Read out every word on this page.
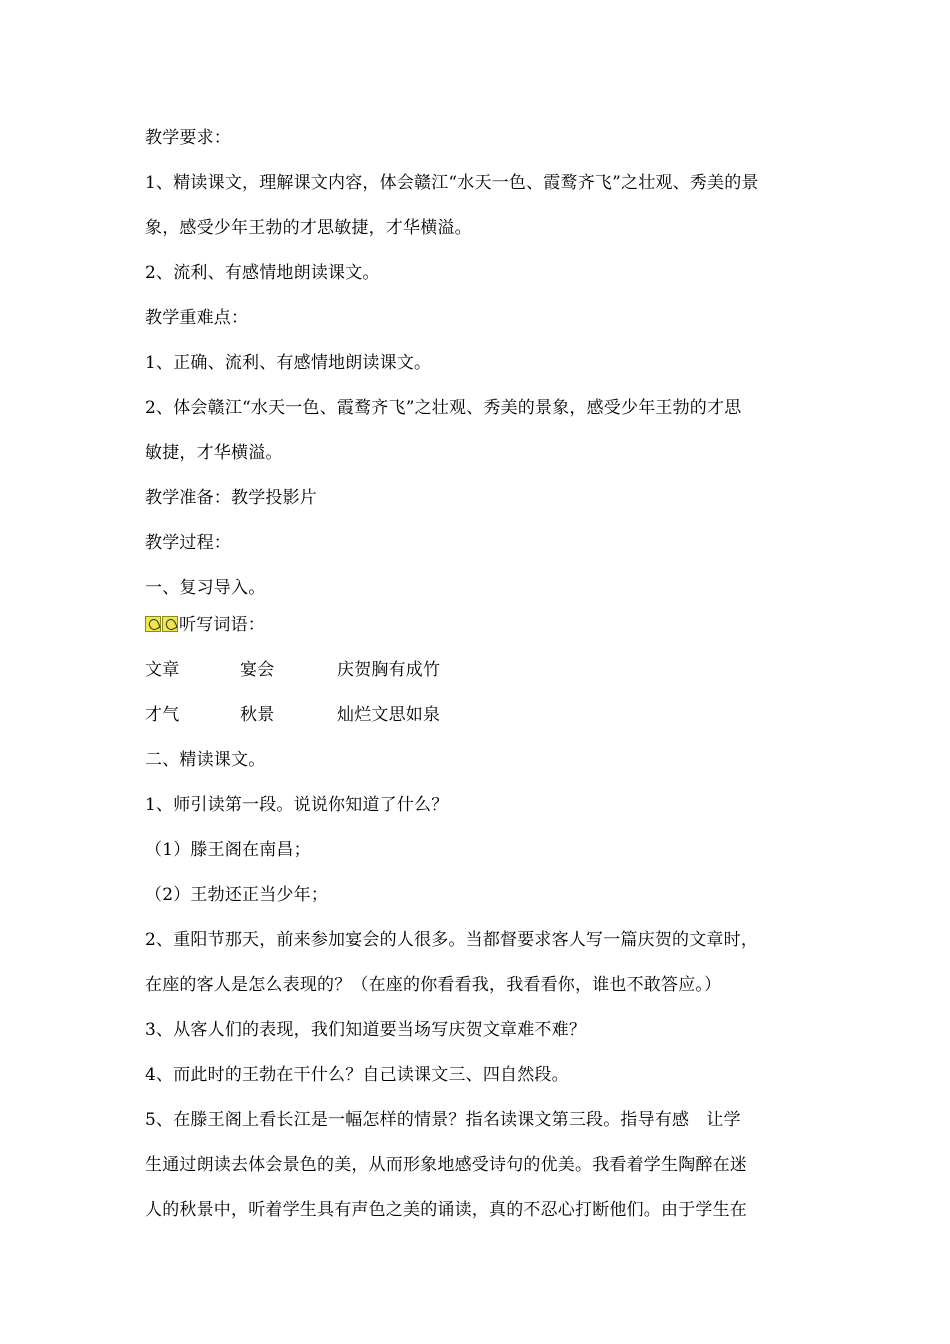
教学要求：
1、精读课文，理解课文内容，体会赣江“水天一色、霞鹜齐飞”之壮观、秀美的景
象，感受少年王勃的才思敏捷，才华横溢。
2、流利、有感情地朗读课文。
教学重难点：
1、正确、流利、有感情地朗读课文。
2、体会赣江“水天一色、霞鹜齐飞”之壮观、秀美的景象，感受少年王勃的才思
敏捷，才华横溢。
教学准备：教学投影片
教学过程：
一、复习导入。
听写词语：
文章	宴会	庆贺胸有成竹
才气	秋景	灿烂文思如泉
二、精读课文。
1、师引读第一段。说说你知道了什么？
（1）滕王阁在南昌；
（2）王勃还正当少年；
2、重阳节那天，前来参加宴会的人很多。当都督要求客人写一篇庆贺的文章时，
在座的客人是怎么表现的？（在座的你看看我，我看看你，谁也不敢答应。）
3、从客人们的表现，我们知道要当场写庆贺文章难不难？
4、而此时的王勃在干什么？自己读课文三、四自然段。
5、在滕王阁上看长江是一幅怎样的情景？指名读课文第三段。指导有感　让学
生通过朗读去体会景色的美，从而形象地感受诗句的优美。我看着学生陶醉在迷
人的秋景中，听着学生具有声色之美的诵读，真的不忍心打断他们。由于学生在
